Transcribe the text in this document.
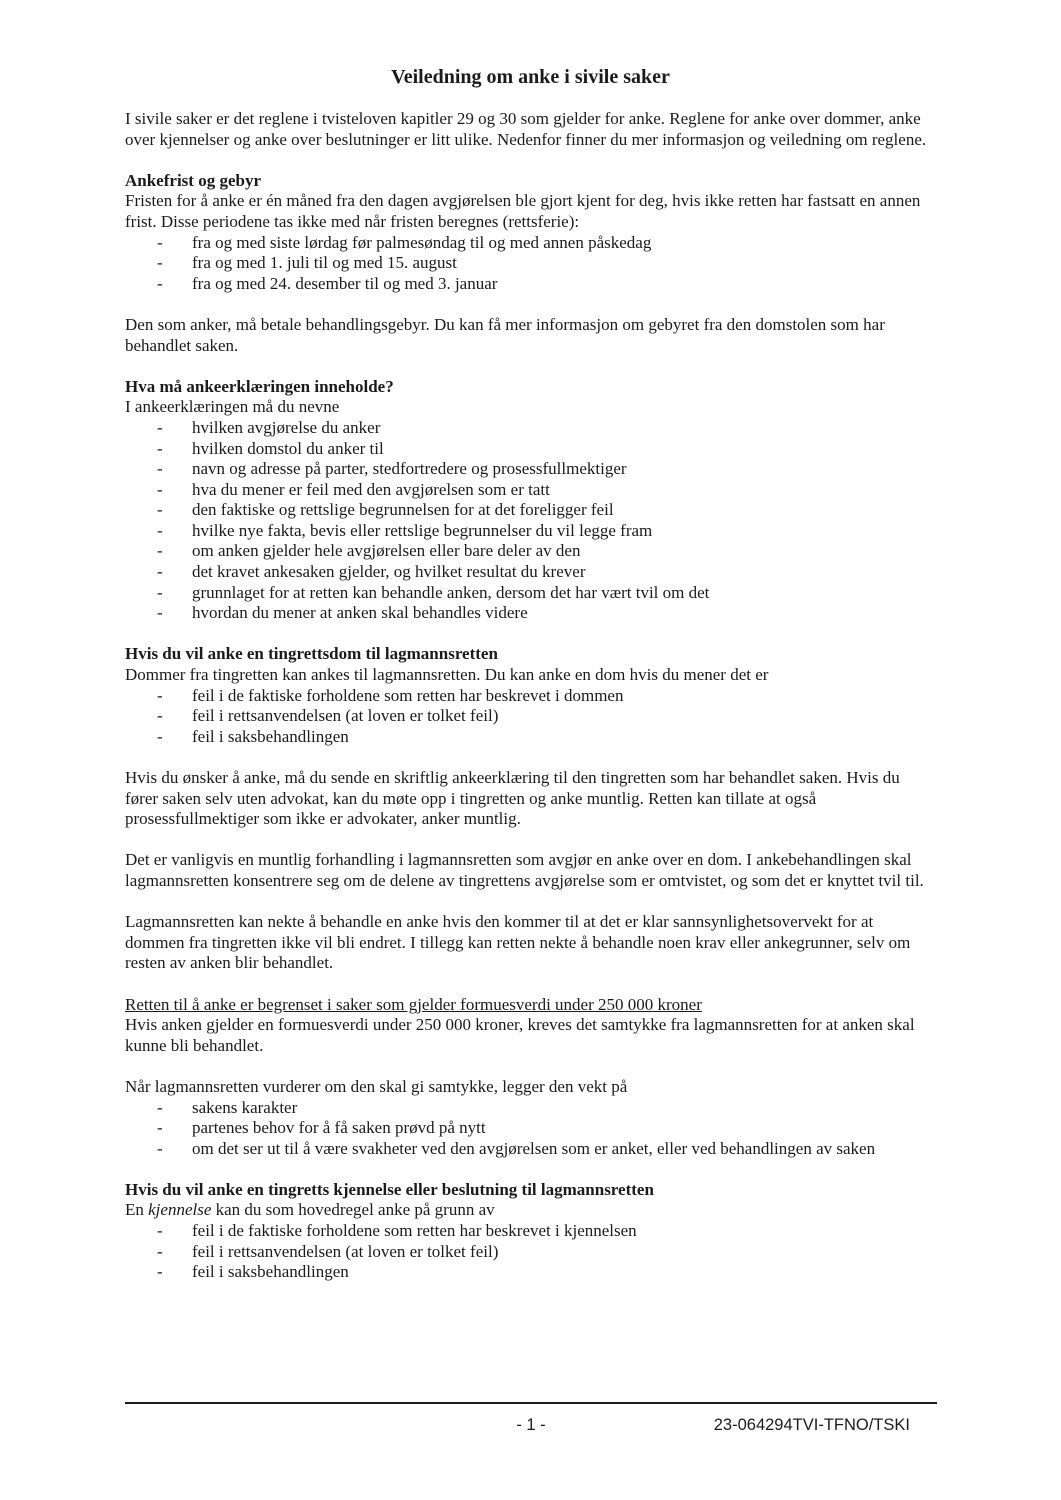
Veiledning om anke i sivile saker

I sivile saker er det reglene i tvisteloven kapitler 29 og 30 som gjelder for anke. Reglene for anke over dommer, anke over kjennelser og anke over beslutninger er litt ulike. Nedenfor finner du mer informasjon og veiledning om reglene.

Ankefrist og gebyr

Fristen for å anke er én måned fra den dagen avgjørelsen ble gjort kjent for deg, hvis ikke retten har fastsatt en annen frist. Disse periodene tas ikke med når fristen beregnes (rettsferie):

- fra og med siste lørdag før palmesøndag til og med annen påskedag
- fra og med 1. juli til og med 15. august
- fra og med 24. desember til og med 3. januar

Den som anker, må betale behandlingsgebyr. Du kan få mer informasjon om gebyret fra den domstolen som har behandlet saken.

Hva må ankeerklæringen inneholde?

I ankeerklæringen må du nevne

- hvilken avgjørelse du anker
- hvilken domstol du anker til
- navn og adresse på parter, stedfortredere og prosessfullmektiger
- hva du mener er feil med den avgjørelsen som er tatt
- den faktiske og rettslige begrunnelsen for at det foreligger feil
- hvilke nye fakta, bevis eller rettslige begrunnelser du vil legge fram
- om anken gjelder hele avgjørelsen eller bare deler av den
- det kravet ankesaken gjelder, og hvilket resultat du krever
- grunnlaget for at retten kan behandle anken, dersom det har vært tvil om det
- hvordan du mener at anken skal behandles videre
Hvis du vil anke en tingrettsdom til lagmannsretten

Dommer fra tingretten kan ankes til lagmannsretten. Du kan anke en dom hvis du mener det er

- feil i de faktiske forholdene som retten har beskrevet i dommen
- feil i rettsanvendelsen (at loven er tolket feil)
- feil i saksbehandlingen

Hvis du ønsker å anke, må du sende en skriftlig ankeerklæring til den tingretten som har behandlet saken. Hvis du fører saken selv uten advokat, kan du møte opp i tingretten og anke muntlig. Retten kan tillate at også prosessfullmektiger som ikke er advokater, anker muntlig.

Det er vanligvis en muntlig forhandling i lagmannsretten som avgjør en anke over en dom. I ankebehandlingen skal lagmannsretten konsentrere seg om de delene av tingrettens avgjørelse som er omtvistet, og som det er knyttet tvil til.

Lagmannsretten kan nekte å behandle en anke hvis den kommer til at det er klar sannsynlighetsovervekt for at dommen fra tingretten ikke vil bli endret. I tillegg kan retten nekte å behandle noen krav eller ankegrunner, selv om resten av anken blir behandlet.

Retten til å anke er begrenset i saker som gjelder formuesverdi under 250 000 kroner

Hvis anken gjelder en formuesverdi under 250 000 kroner, kreves det samtykke fra lagmannsretten for at anken skal kunne bli behandlet.

Når lagmannsretten vurderer om den skal gi samtykke, legger den vekt på

- sakens karakter
- partenes behov for å få saken prøvd på nytt
- om det ser ut til å være svakheter ved den avgjørelsen som er anket, eller ved behandlingen av saken
Hvis du vil anke en tingretts kjennelse eller beslutning til lagmannsretten

En kjennelse kan du som hovedregel anke på grunn av

- feil i de faktiske forholdene som retten har beskrevet i kjennelsen
- feil i rettsanvendelsen (at loven er tolket feil)
- feil i saksbehandlingen
- 1 -	23-064294TVI-TFNO/TSKI
